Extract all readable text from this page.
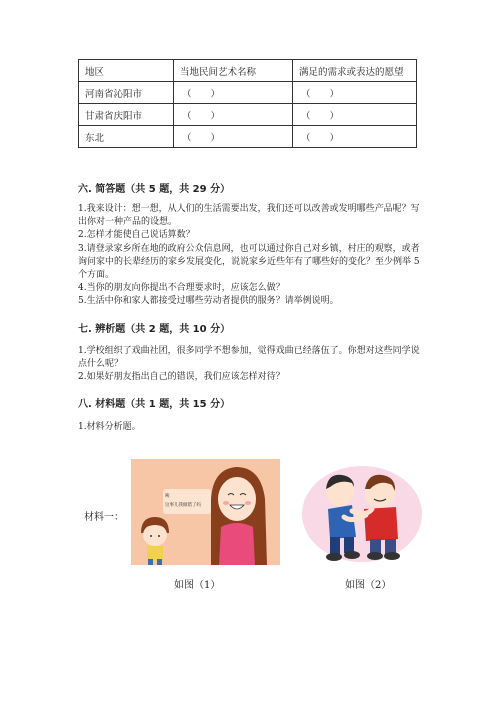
地区	当地民间艺术名称	满足的需求或表达的愿望
河南省沁阳市	（　　）	（　　）
甘肃省庆阳市	（　　）	（　　）
东北	（　　）	（　　）
六. 简答题（共 5 题，共 29 分）

1.我来设计：想一想，从人们的生活需要出发，我们还可以改善或发明哪些产品呢？写出你对一种产品的设想。

2.怎样才能使自己说话算数？

3.请登录家乡所在地的政府公众信息网，也可以通过你自己对乡镇，村庄的观察，或者询问家中的长辈经历的家乡发展变化，说说家乡近些年有了哪些好的变化？至少例举 5 个方面。

4.当你的朋友向你提出不合理要求时，应该怎么做？

5.生活中你和家人都接受过哪些劳动者提供的服务？请举例说明。

七. 辨析题（共 2 题，共 10 分）

1.学校组织了戏曲社团，很多同学不想参加，觉得戏曲已经落伍了。你想对这些同学说点什么呢？

2.如果好朋友指出自己的错误，我们应该怎样对待？

八. 材料题（共 1 题，共 15 分）

1.材料分析题。

材料一：
咦
这事儿我做错了吗
如图（1）	如图（2）
